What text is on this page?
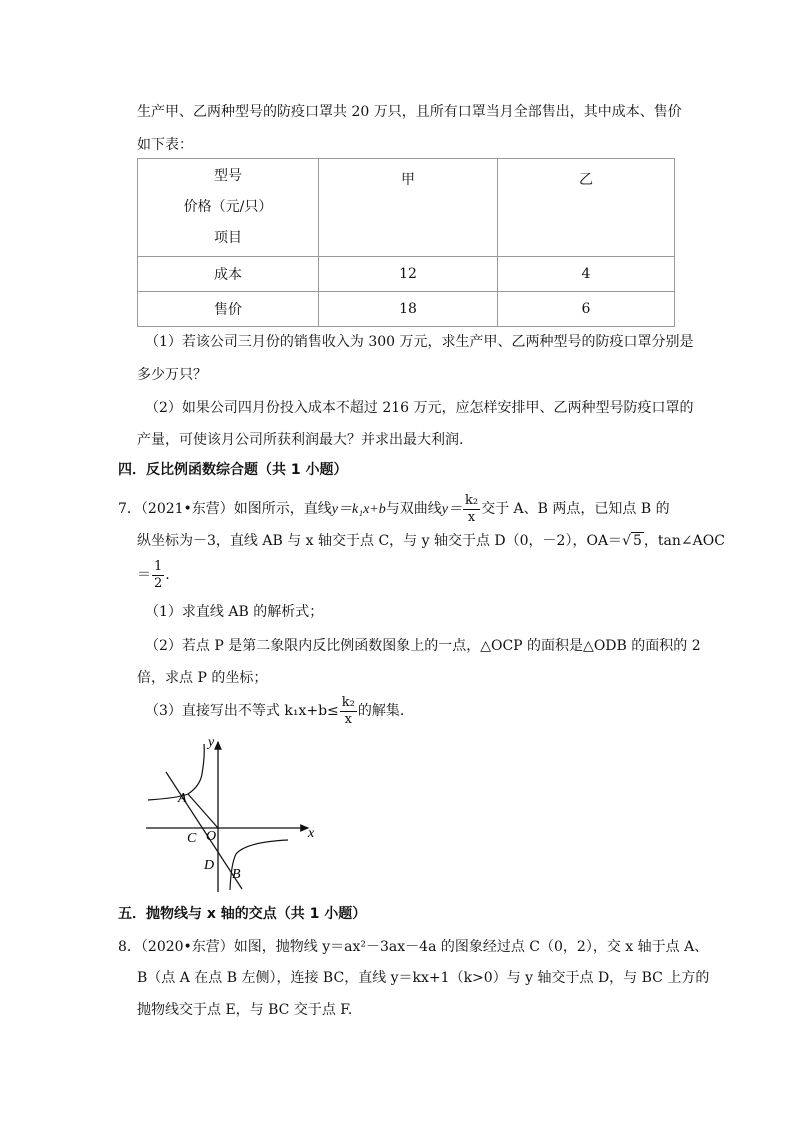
生产甲、乙两种型号的防疫口罩共 20 万只，且所有口罩当月全部售出，其中成本、售价
如下表：
型号
价格（元/只）
项目	甲	乙
成本	12	4
售价	18	6
（1）若该公司三月份的销售收入为 300 万元，求生产甲、乙两种型号的防疫口罩分别是
多少万只？
（2）如果公司四月份投入成本不超过 216 万元，应怎样安排甲、乙两种型号防疫口罩的
产量，可使该月公司所获利润最大？并求出最大利润.
四．反比例函数综合题（共 1 小题）
7．（2021•东营）如图所示，直线y＝k₁x+b与双曲线$y= \frac{\text{k₂}}{x}$ 交于 A、B 两点，已知点 B 的
纵坐标为－3，直线 AB 与 x 轴交于点 C，与 y 轴交于点 D（0，－2），OA＝√ 5 ，tan∠AOC
＝ $\frac{1}{2}$ .
（1）求直线 AB 的解析式；
（2）若点 P 是第二象限内反比例函数图象上的一点，△OCP 的面积是△ODB 的面积的 2
倍，求点 P 的坐标；
（3）直接写出不等式 $k_1x+b\le \frac{\text{k₂}}{x}$ 的解集.
y
x
A
C O
D
B
五．抛物线与 x 轴的交点（共 1 小题）
8．（2020•东营）如图，抛物线 y＝ax²－3ax－4a 的图象经过点 C（0，2），交 x 轴于点 A、
B（点 A 在点 B 左侧），连接 BC，直线 y＝kx+1（k>0）与 y 轴交于点 D，与 BC 上方的
抛物线交于点 E，与 BC 交于点 F.
